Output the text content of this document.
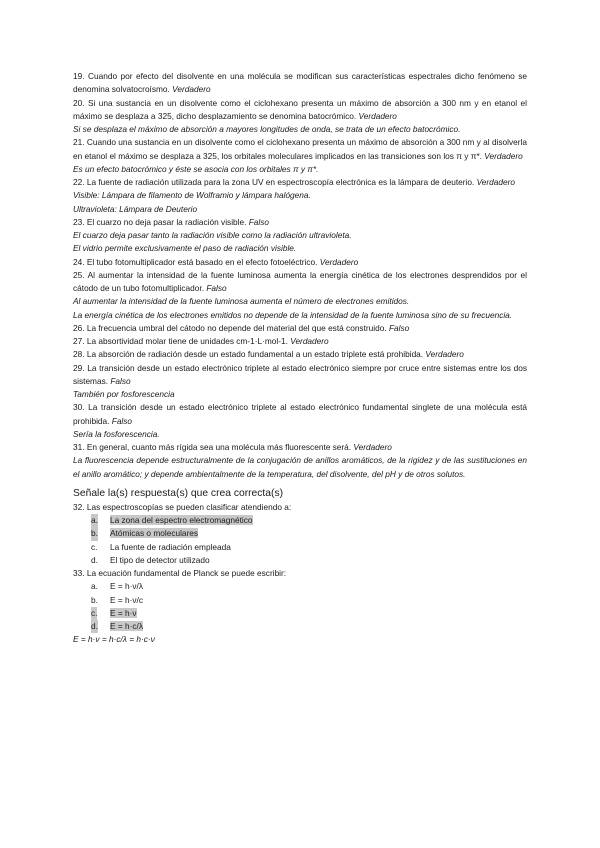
19. Cuando por efecto del disolvente en una molécula se modifican sus características espectrales dicho fenómeno se denomina solvatocroísmo. Verdadero
20. Si una sustancia en un disolvente como el ciclohexano presenta un máximo de absorción a 300 nm y en etanol el máximo se desplaza a 325, dicho desplazamiento se denomina batocrómico. Verdadero
Si se desplaza el máximo de absorción a mayores longitudes de onda, se trata de un efecto batocrómico.
21. Cuando una sustancia en un disolvente como el ciclohexano presenta un máximo de absorción a 300 nm y al disolverla en etanol el máximo se desplaza a 325, los orbitales moleculares implicados en las transiciones son los π y π*. Verdadero
Es un efecto batocrómico y éste se asocia con los orbitales π y π*.
22. La fuente de radiación utilizada para la zona UV en espectroscopía electrónica es la lámpara de deuterio. Verdadero
Visible: Lámpara de filamento de Wolframio y lámpara halógena.
Ultravioleta: Lámpara de Deuterio
23. El cuarzo no deja pasar la radiación visible. Falso
El cuarzo deja pasar tanto la radiación visible como la radiación ultravioleta.
El vidrio permite exclusivamente el paso de radiación visible.
24. El tubo fotomultiplicador está basado en el efecto fotoeléctrico. Verdadero
25. Al aumentar la intensidad de la fuente luminosa aumenta la energía cinética de los electrones desprendidos por el cátodo de un tubo fotomultiplicador. Falso
Al aumentar la intensidad de la fuente luminosa aumenta el número de electrones emitidos.
La energía cinética de los electrones emitidos no depende de la intensidad de la fuente luminosa sino de su frecuencia.
26. La frecuencia umbral del cátodo no depende del material del que está construido. Falso
27. La absortividad molar tiene de unidades cm-1·L·mol-1. Verdadero
28. La absorción de radiación desde un estado fundamental a un estado triplete está prohibida. Verdadero
29. La transición desde un estado electrónico triplete al estado electrónico siempre por cruce entre sistemas entre los dos sistemas. Falso
También por fosforescencia
30. La transición desde un estado electrónico triplete al estado electrónico fundamental singlete de una molécula está prohibida. Falso
Sería la fosforescencia.
31. En general, cuanto más rígida sea una molécula más fluorescente será. Verdadero
La fluorescencia depende estructuralmente de la conjugación de anillos aromáticos, de la rigidez y de las sustituciones en el anillo aromático; y depende ambientalmente de la temperatura, del disolvente, del pH y de otros solutos.
Señale la(s) respuesta(s) que crea correcta(s)
32. Las espectroscopías se pueden clasificar atendiendo a:
a. La zona del espectro electromagnético
b. Atómicas o moleculares
c. La fuente de radiación empleada
d. El tipo de detector utilizado
33. La ecuación fundamental de Planck se puede escribir:
a. E = h·ν/λ
b. E = h·ν/c
c. E = h·ν
d. E = h·c/λ
E = h·ν = h·c/λ = h·c·ν
